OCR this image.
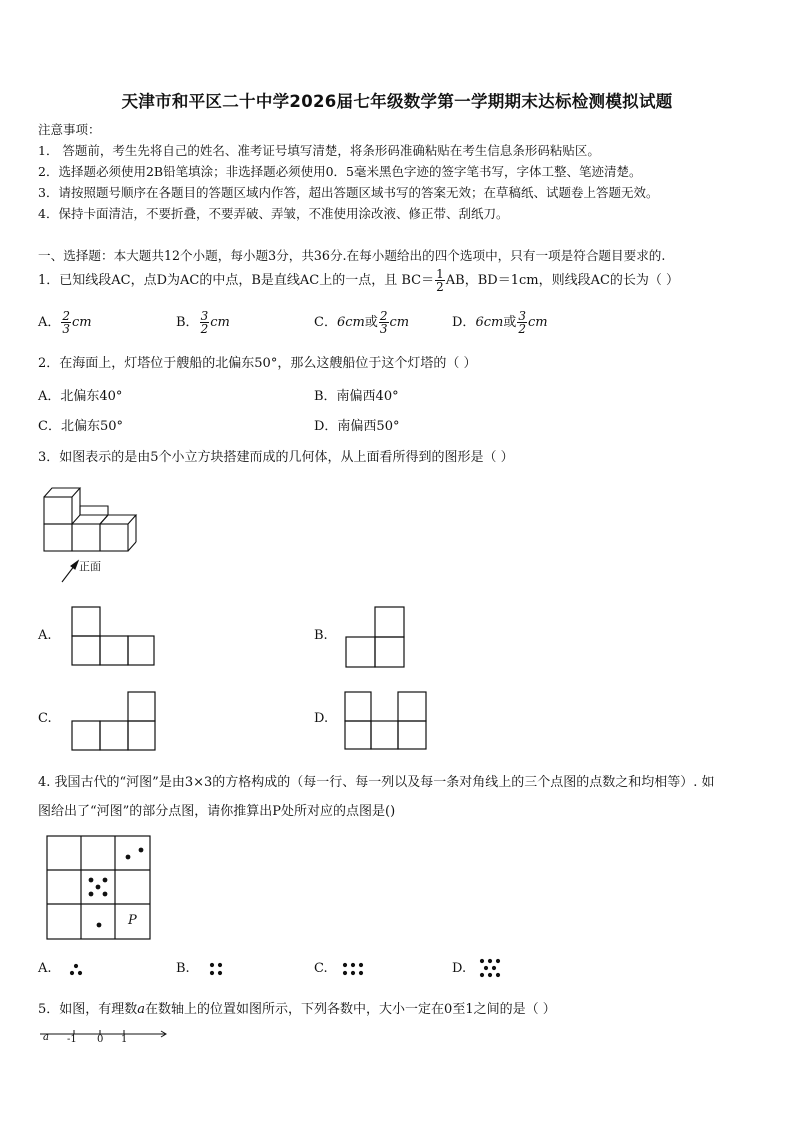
天津市和平区二十中学2026届七年级数学第一学期期末达标检测模拟试题
注意事项：
1． 答题前，考生先将自己的姓名、准考证号填写清楚，将条形码准确粘贴在考生信息条形码粘贴区。
2．选择题必须使用2B铅笔填涂；非选择题必须使用0．5毫米黑色字迹的签字笔书写，字体工整、笔迹清楚。
3．请按照题号顺序在各题目的答题区域内作答，超出答题区域书写的答案无效；在草稿纸、试题卷上答题无效。
4．保持卡面清洁，不要折叠，不要弄破、弄皱，不准使用涂改液、修正带、刮纸刀。
一、选择题：本大题共12个小题，每小题3分，共36分.在每小题给出的四个选项中，只有一项是符合题目要求的.
1．已知线段AC，点D为AC的中点，B是直线AC上的一点，且 $BC= \frac{1}{2}$ AB，BD＝1cm，则线段AC的长为（ ）
A． $\frac{2}{3}$ cm	B． $\frac{3}{2}$ cm	C．6cm或 $\frac{2}{3}$ cm	D．6cm或 $\frac{3}{2}$ cm
2．在海面上，灯塔位于艘船的北偏东50°，那么这艘船位于这个灯塔的（ ）
A．北偏东40°	B．南偏西40°
C．北偏东50°	D．南偏西50°
3．如图表示的是由5个小立方块搭建而成的几何体，从上面看所得到的图形是（ ）
正面
A.	B.
C.	D.
4. 我国古代的“河图”是由3×3的方格构成的（每一行、每一列以及每一条对角线上的三个点图的点数之和均相等）. 如
图给出了“河图”的部分点图，请你推算出P处所对应的点图是()
P
A.	B.	C.	D.
5．如图，有理数a在数轴上的位置如图所示，下列各数中，大小一定在0至1之间的是（ ）
a -1 0 1
